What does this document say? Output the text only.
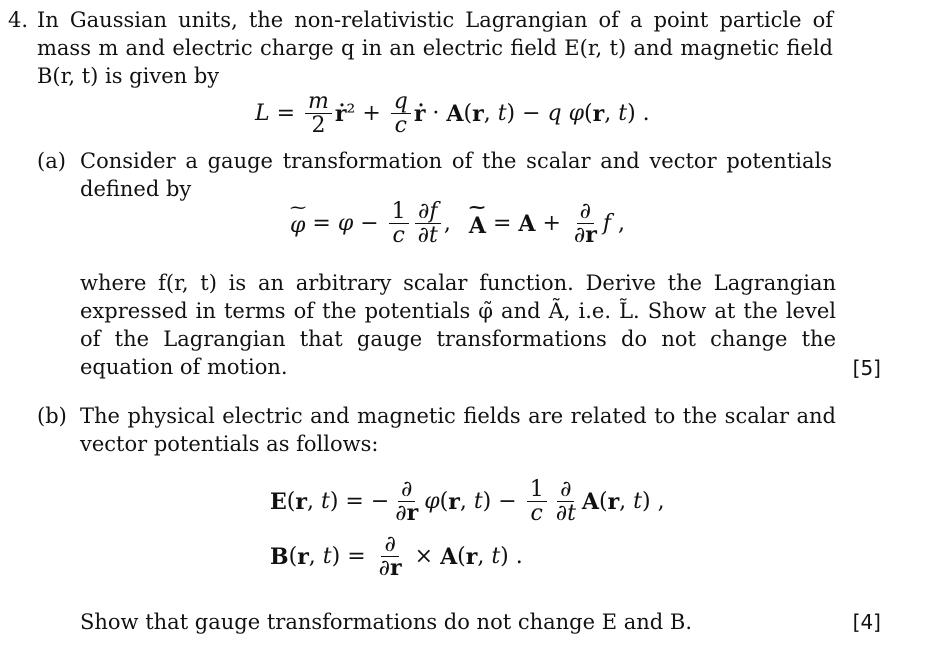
4. In Gaussian units, the non-relativistic Lagrangian of a point particle of mass m and electric charge q in an electric field E(r, t) and magnetic field B(r, t) is given by
$L = \frac{m}{2}$ ṙ $^2 + \frac{q}{c}$ ṙ · A ( r , t ) − q
φ ( r , t ) .
(a) Consider a gauge transformation of the scalar and vector potentials defined by
~ $\varphi = \varphi - \frac{1}{c} \frac{\partial f}{\partial t}$ ,
~ $A = A + \frac{\partial}{\partial r}$ f ,
where f(r, t) is an arbitrary scalar function. Derive the Lagrangian expressed in terms of the potentials φ̃ and Ã, i.e. L̃. Show at the level of the Lagrangian that gauge transformations do not change the equation of motion.	[5]
(b) The physical electric and magnetic fields are related to the scalar and vector potentials as follows:
E ( r , t ) = − $\frac{\partial}{\partial r}$ φ ( r , t ) − $\frac{1}{c} \frac{\partial}{\partial t}$ A ( r , t ) ,
B ( r , t ) = $\frac{\partial}{\partial r} \times A$ ( r , t ) .
Show that gauge transformations do not change E and B.	[4]
